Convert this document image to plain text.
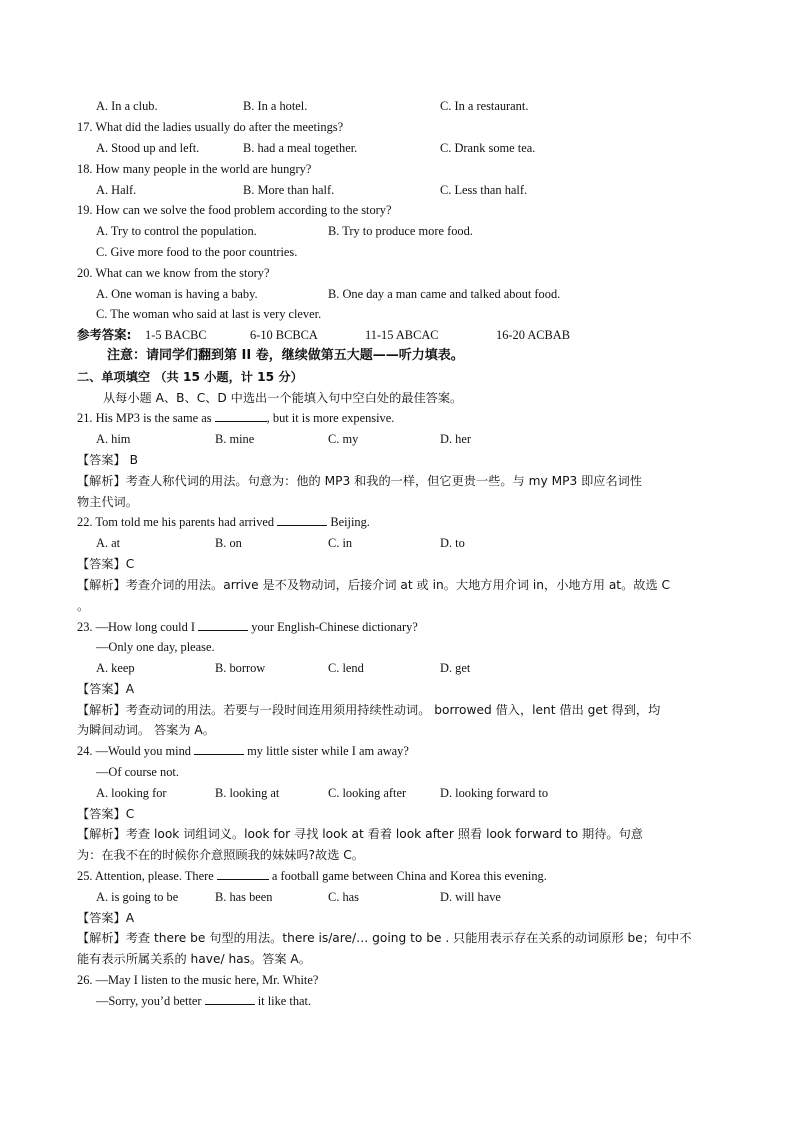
A. In a club.	B. In a hotel.	C. In a restaurant.
17. What did the ladies usually do after the meetings?
A. Stood up and left.	B. had a meal together.	C. Drank some tea.
18. How many people in the world are hungry?
A. Half.	B. More than half.	C. Less than half.
19. How can we solve the food problem according to the story?
A. Try to control the population.	B. Try to produce more food.
C. Give more food to the poor countries.
20. What can we know from the story?
A. One woman is having a baby.	B. One day a man came and talked about food.
C. The woman who said at last is very clever.
参考答案: 1-5 BACBC	6-10 BCBCA	11-15 ABCAC	16-20 ACBAB
注意：请同学们翻到第 II 卷，继续做第五大题——听力填表。
二、单项填空 （共 15 小题，计 15 分）
从每小题 A、B、C、D 中选出一个能填入句中空白处的最佳答案。
21. His MP3 is the same as	, but it is more expensive.
A. him	B. mine	C. my	D. her
【答案】 B
【解析】考查人称代词的用法。句意为：他的 MP3 和我的一样，但它更贵一些。与 my MP3 即应名词性
物主代词。
22. Tom told me his parents had arrived	Beijing.
A. at	B. on	C. in	D. to
【答案】C
【解析】考查介词的用法。arrive 是不及物动词，后接介词 at 或 in。大地方用介词 in，小地方用 at。故选 C
。
23. —How long could I	your English-Chinese dictionary?
—Only one day, please.
A. keep	B. borrow	C. lend	D. get
【答案】A
【解析】考查动词的用法。若要与一段时间连用须用持续性动词。 borrowed 借入，lent 借出 get 得到，均
为瞬间动词。 答案为 A。
24. —Would you mind	my little sister while I am away?
—Of course not.
A. looking for	B. looking at	C. looking after	D. looking forward to
【答案】C
【解析】考查 look 词组词义。look for 寻找 look at 看着 look after 照看 look forward to 期待。句意
为：在我不在的时候你介意照顾我的妹妹吗?故选 C。
25. Attention, please. There	a football game between China and Korea this evening.
A. is going to be	B. has been	C. has	D. will have
【答案】A
【解析】考查 there be 句型的用法。there is/are/… going to be . 只能用表示存在关系的动词原形 be；句中不
能有表示所属关系的 have/ has。答案 A。
26. —May I listen to the music here, Mr. White?
—Sorry, you’d better	it like that.
